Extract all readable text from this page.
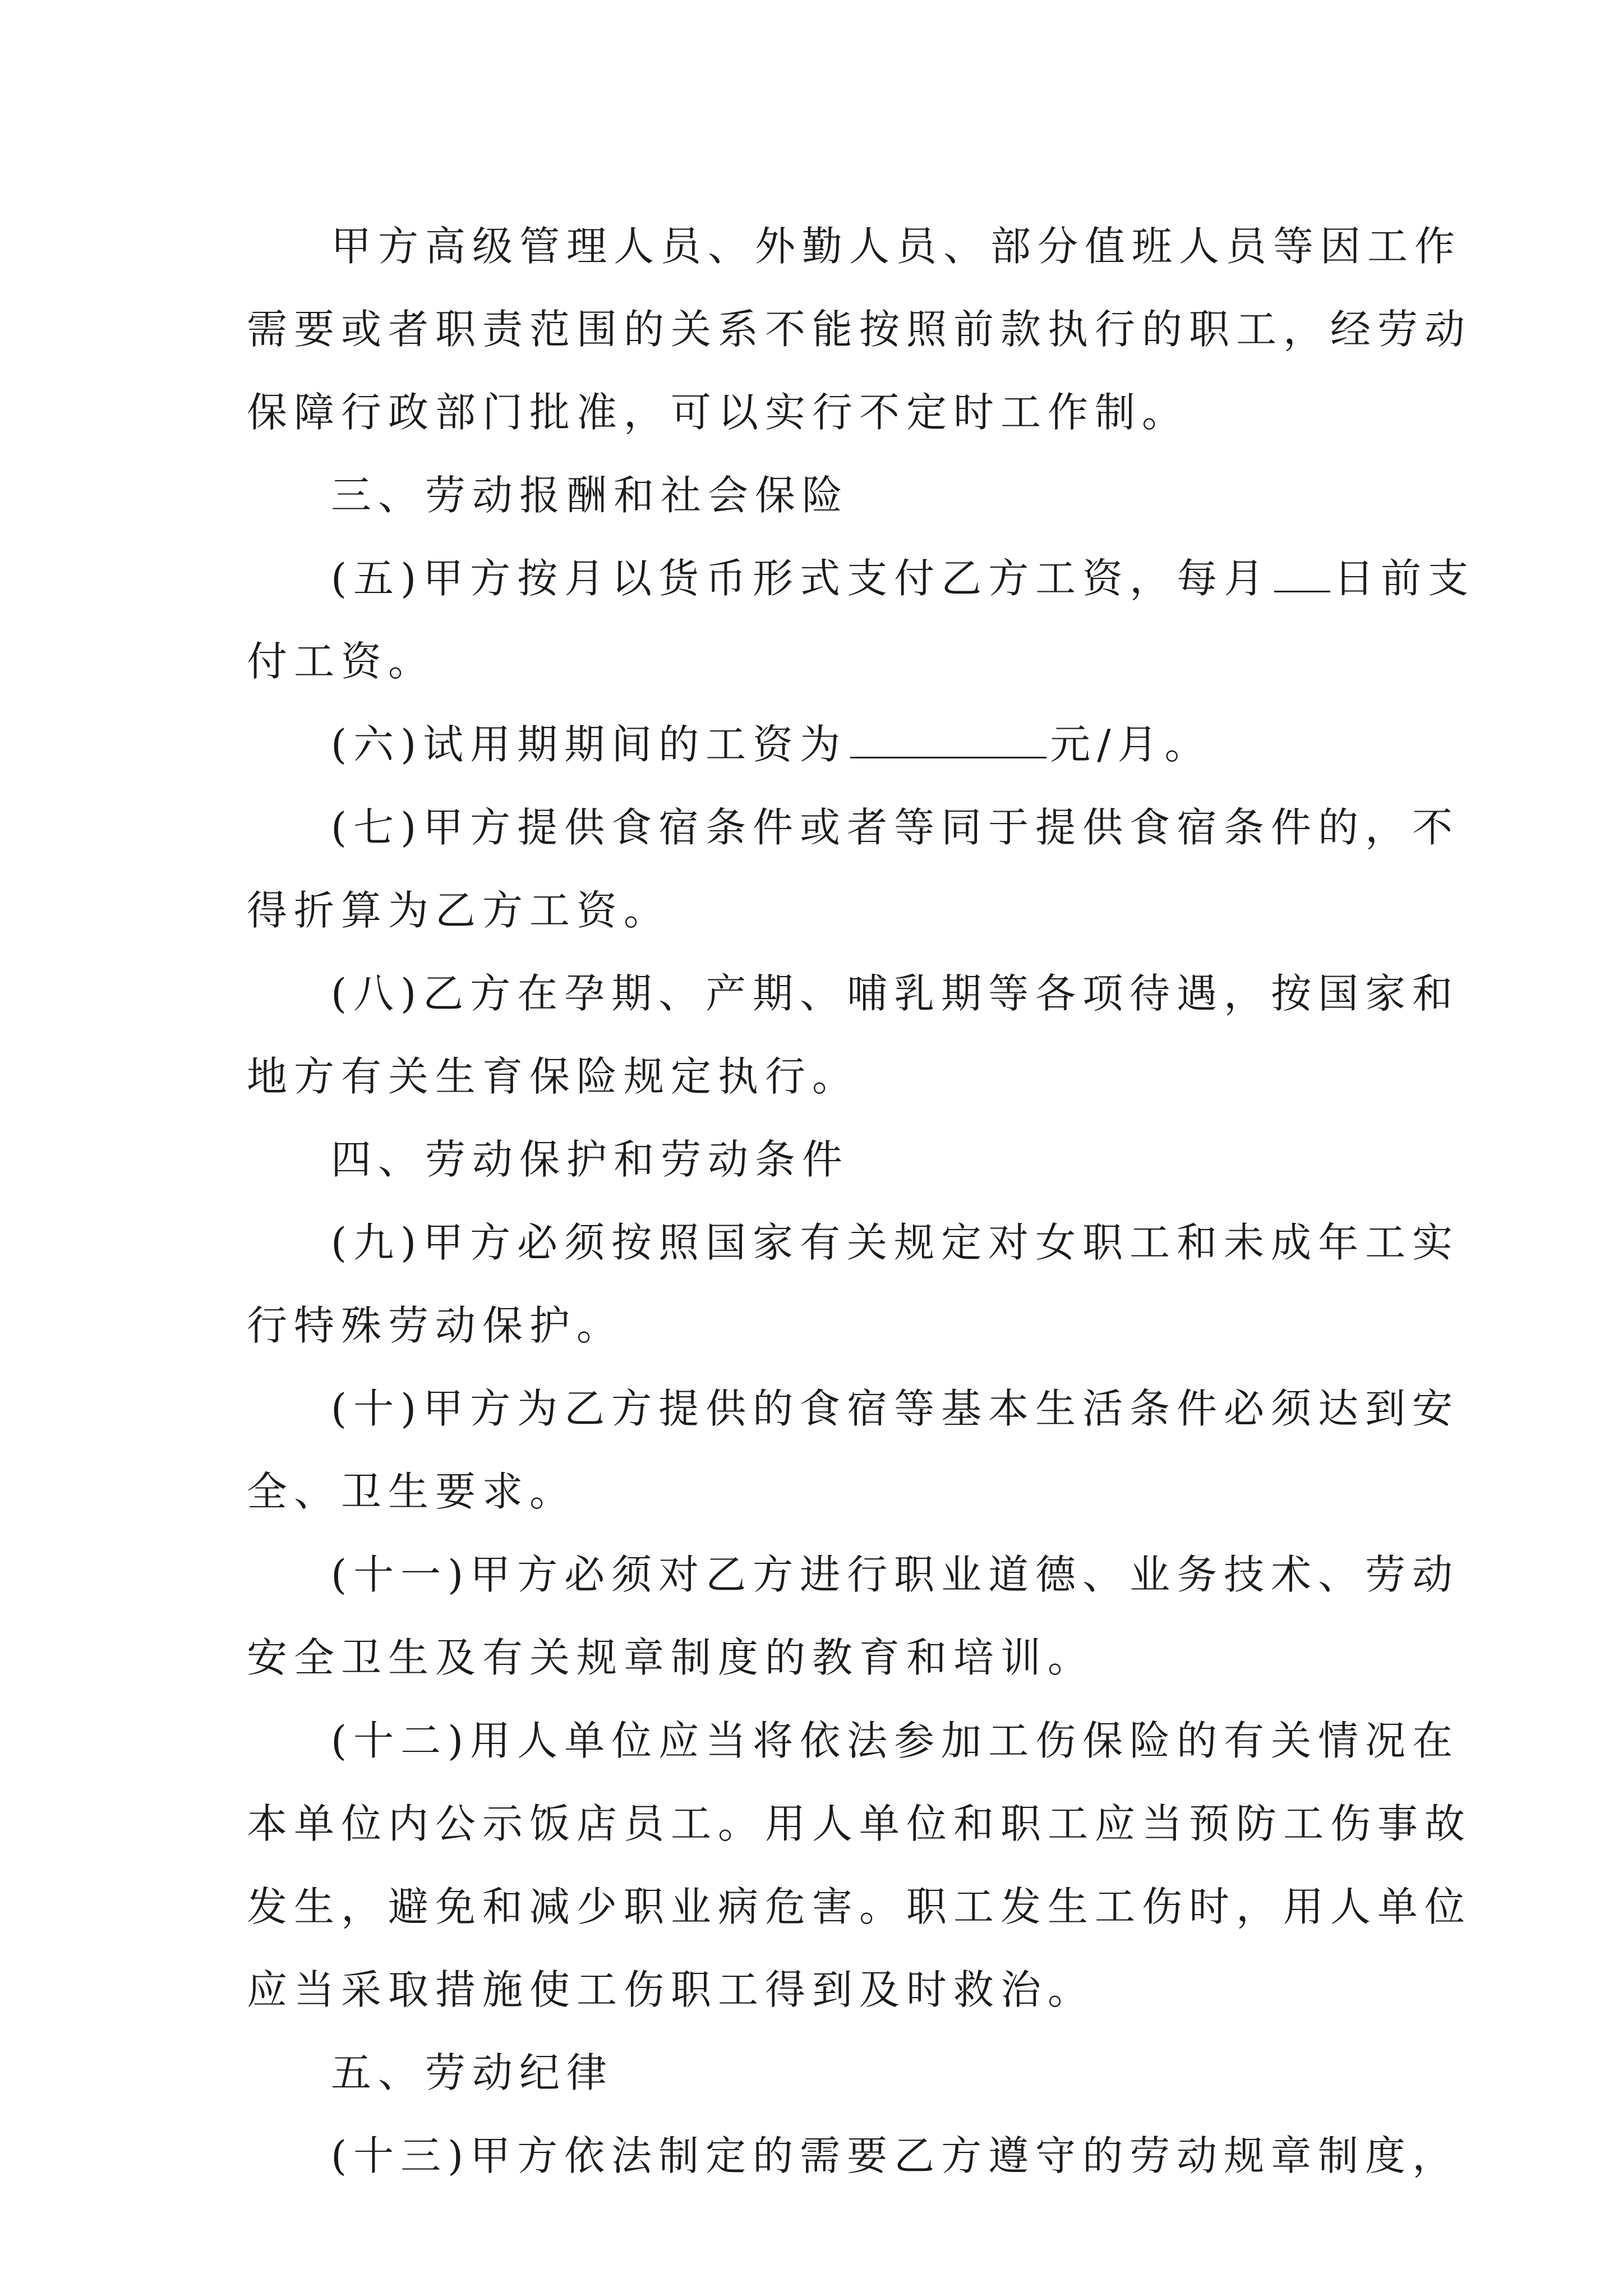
甲方高级管理人员、外勤人员、部分值班人员等因工作
需要或者职责范围的关系不能按照前款执行的职工，经劳动
保障行政部门批准，可以实行不定时工作制。
三、劳动报酬和社会保险
(五)甲方按月以货币形式支付乙方工资，每月 日前支
付工资。
(六)试用期期间的工资为	元/月。
(七)甲方提供食宿条件或者等同于提供食宿条件的，不
得折算为乙方工资。
(八)乙方在孕期、产期、哺乳期等各项待遇，按国家和
地方有关生育保险规定执行。
四、劳动保护和劳动条件
(九)甲方必须按照国家有关规定对女职工和未成年工实
行特殊劳动保护。
(十)甲方为乙方提供的食宿等基本生活条件必须达到安
全、卫生要求。
(十一)甲方必须对乙方进行职业道德、业务技术、劳动
安全卫生及有关规章制度的教育和培训。
(十二)用人单位应当将依法参加工伤保险的有关情况在
本单位内公示饭店员工。用人单位和职工应当预防工伤事故
发生，避免和减少职业病危害。职工发生工伤时，用人单位
应当采取措施使工伤职工得到及时救治。
五、劳动纪律
(十三)甲方依法制定的需要乙方遵守的劳动规章制度，
